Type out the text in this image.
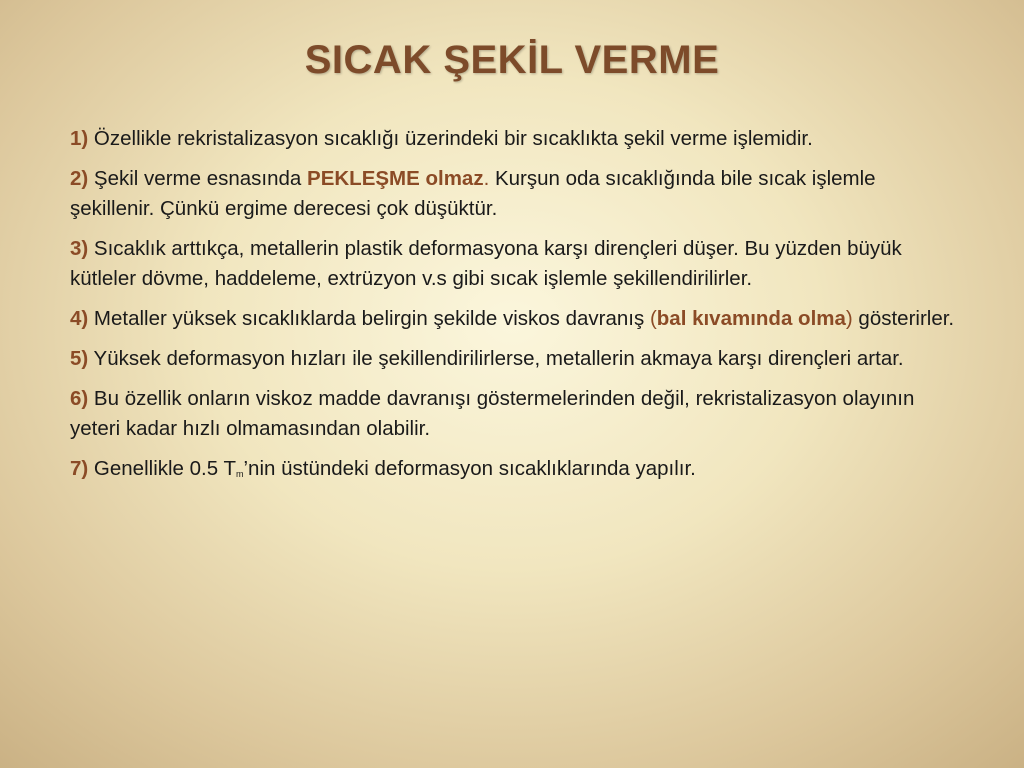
SICAK ŞEKİL VERME

1) Özellikle rekristalizasyon sıcaklığı üzerindeki bir sıcaklıkta şekil verme işlemidir.

2) Şekil verme esnasında PEKLEŞME olmaz. Kurşun oda sıcaklığında bile sıcak işlemle şekillenir. Çünkü ergime derecesi çok düşüktür.

3) Sıcaklık arttıkça, metallerin plastik deformasyona karşı dirençleri düşer. Bu yüzden büyük kütleler dövme, haddeleme, extrüzyon v.s gibi sıcak işlemle şekillendirilirler.

4) Metaller yüksek sıcaklıklarda belirgin şekilde viskos davranış (bal kıvamında olma) gösterirler.

5) Yüksek deformasyon hızları ile şekillendirilirlerse, metallerin akmaya karşı dirençleri artar.

6) Bu özellik onların viskoz madde davranışı göstermelerinden değil, rekristalizasyon olayının yeteri kadar hızlı olmamasından olabilir.

7) Genellikle 0.5 $T_m’nin$ üstündeki deformasyon sıcaklıklarında yapılır.
